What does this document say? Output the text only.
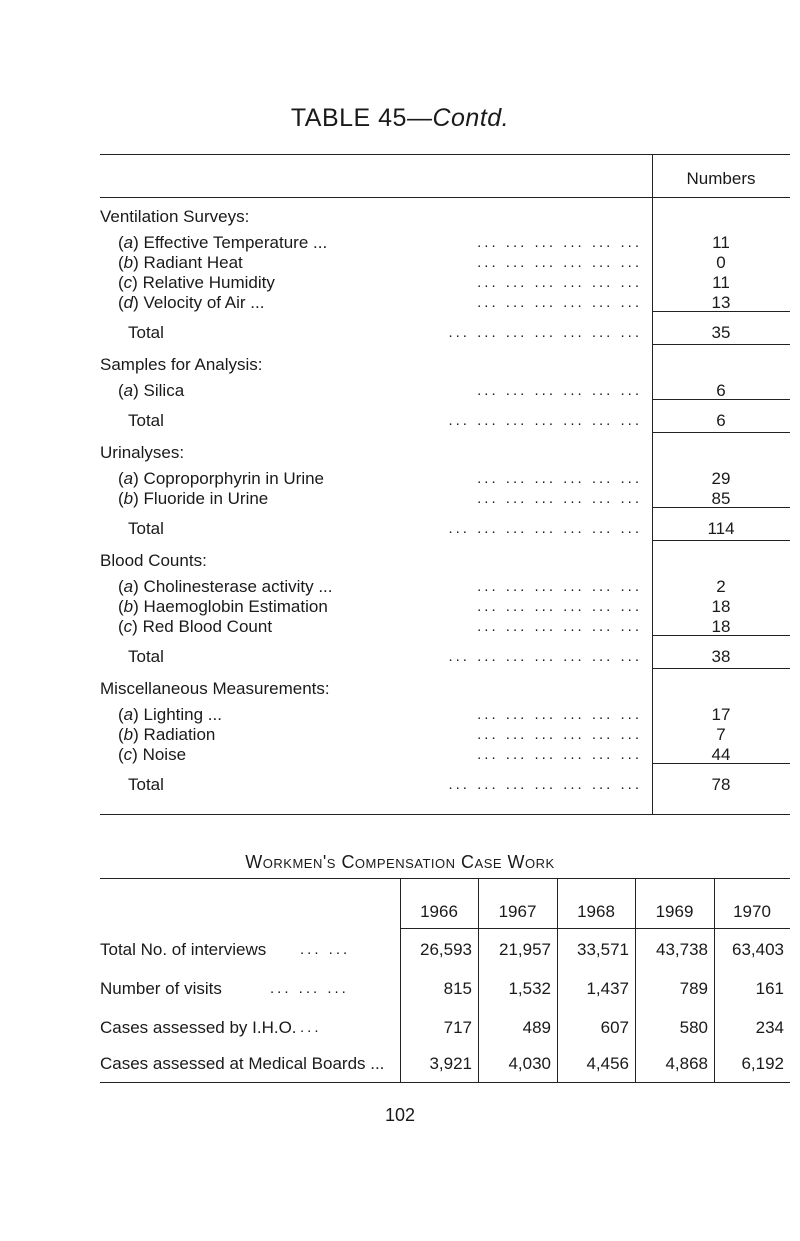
TABLE 45—Contd.
Numbers
Ventilation Surveys:
(a) Effective Temperature ...	... ... ... ... ... ...	11
(b) Radiant Heat	... ... ... ... ... ...	0
(c) Relative Humidity	... ... ... ... ... ...	11
(d) Velocity of Air ...	... ... ... ... ... ...	13
Total	... ... ... ... ... ... ...	35
Samples for Analysis:
(a) Silica	... ... ... ... ... ...	6
Total	... ... ... ... ... ... ...	6
Urinalyses:
(a) Coproporphyrin in Urine	... ... ... ... ... ...	29
(b) Fluoride in Urine	... ... ... ... ... ...	85
Total	... ... ... ... ... ... ...	114
Blood Counts:
(a) Cholinesterase activity ...	... ... ... ... ... ...	2
(b) Haemoglobin Estimation	... ... ... ... ... ...	18
(c) Red Blood Count	... ... ... ... ... ...	18
Total	... ... ... ... ... ... ...	38
Miscellaneous Measurements:
(a) Lighting ...	... ... ... ... ... ...	17
(b) Radiation	... ... ... ... ... ...	7
(c) Noise	... ... ... ... ... ...	44
Total	... ... ... ... ... ... ...	78
Workmen's Compensation Case Work
1966	1967	1968	1969	1970
Total No. of interviews ... ...	26,593 21,957 33,571 43,738 63,403
Number of visits	... ... ...	815 1,532 1,437	789	161
Cases assessed by I.H.O. ...	717	489	607	580	234
Cases assessed at Medical Boards ...	3,921 4,030 4,456 4,868 6,192
102
